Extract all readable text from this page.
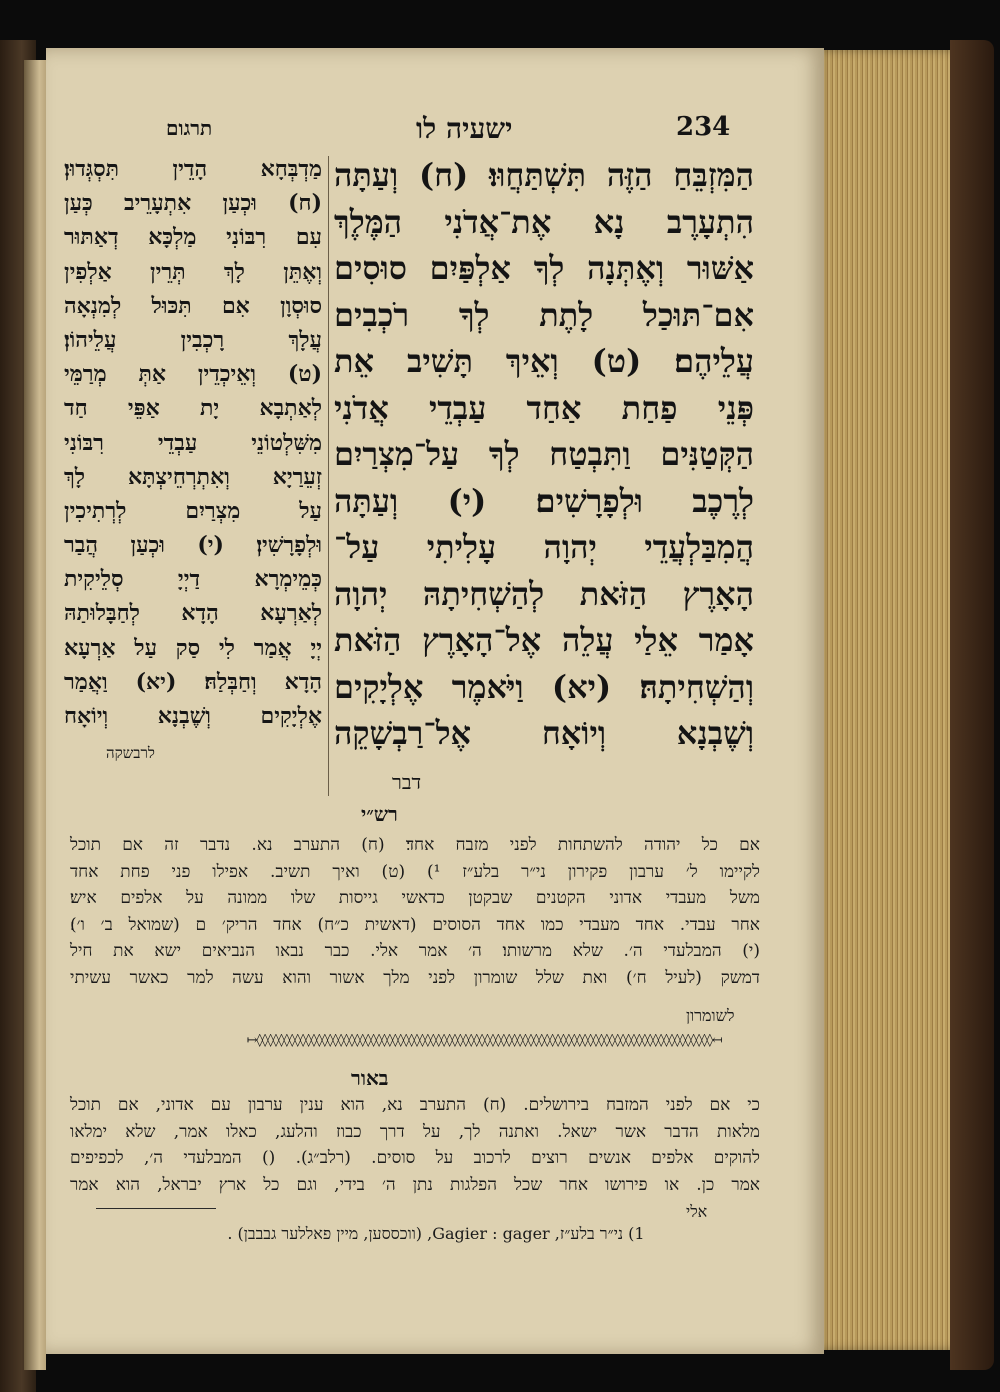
234
ישעיה לו
תרגום
הַמִּזְבֵּחַ הַזֶּה תִּשְׁתַּחֲוּוּ׃ (ח) וְעַתָּה
הִתְעָרֶב נָא אֶת־אֲדֹנִי הַמֶּלֶךְ
אַשּׁוּר וְאֶתְּנָה לְךָ אַלְפַּיִם סוּסִים
אִם־תּוּכַל לָתֶת לְךָ רֹכְבִים
עֲלֵיהֶם׃ (ט) וְאֵיךְ תָּשִׁיב אֵת
פְּנֵי פַחַת אַחַד עַבְדֵי אֲדֹנִי
הַקְּטַנִּים וַתִּבְטַח לְךָ עַל־מִצְרַיִם
לְרֶכֶב וּלְפָרָשִׁים׃ (י) וְעַתָּה
הֲמִבַּלְעֲדֵי יְהוָה עָלִיתִי עַל־
הָאָרֶץ הַזֹּאת לְהַשְׁחִיתָהּ יְהוָה
אָמַר אֵלַי עֲלֵה אֶל־הָאָרֶץ הַזֹּאת
וְהַשְׁחִיתָהּ׃ (יא) וַיֹּאמֶר אֶלְיָקִים
וְשֶׁבְנָא וְיוֹאָח אֶל־רַבְשָׁקֵה
דבר
מַדְבְּחָא הָדֵין תִּסְגְּדוּן׃
(ח) וּכְעַן אִתְעָרֵיב כְּעַן
עִם רִבּוֹנִי מַלְכָּא דְאַתּוּר
וְאֶתֵּן לָךְ תְּרֵין אַלְפִין
סוּסְוָן אִם תִּכּוּל לְמִנְאָה
עֲלָךְ רָכְבִין עֲלֵיהוֹן׃
(ט) וְאֵיכְדֵין אַתְּ מְרַמֵּי
לְאַתְבָא יָת אַפֵּי חַד
מִשִּׁלְטוֹנֵי עַבְדֵי רִבּוֹנִי
זְעֵרַיָא וְאִתְרְחֵיצְתָּא לָךְ
עַל מִצְרַיִם לְרְתִיכִין
וּלְפָרָשִׁין׃ (י) וּכְעַן הֲבַר
כְּמֵימְרָא דַיְיָ סְלֵיקִית
לְאַרְעָא הָדָא לְחַבָּלוּתַהּ
יְיָ אֲמַר לִי סַק עַל אַרְעָא
הָדָא וְחַבְּלַהּ׃ (יא) וַאֲמַר
אֶלְיָקִים וְשֶׁבְנָא וְיוֹאָח
לרבשקה
רש״י
אם כל יהודה להשתחות לפני מזבח אחד׃ (ח) התערב נא. נדבר זה אם תוכל
לקיימו ל׳ ערבון פקירון ני״ר בלע״ז ¹) (ט) ואיך תשיב. אפילו פני פחת אחד
משל מעבדי אדוני הקטנים שבקטן כדאשי גייסות שלו ממונה על אלפים איש׃
אחר עבדי. אחד מעבדי כמו אחד הסוסים (דאשית כ״ח) אחד הריק׳ ם (שמואל ב׳ ו׳)׃
(י) המבלעדי ה׳. שלא מרשותו׃ ה׳ אמר אלי. כבר נבאו הנביאים ישא את חיל
דמשק (לעיל ח׳) ואת שלל שומרון לפני מלך אשור והוא עשה למר כאשר עשיתי
לשומרון
↤◊◊◊◊◊◊◊◊◊◊◊◊◊◊◊◊◊◊◊◊◊◊◊◊◊◊◊◊◊◊◊◊◊◊◊◊◊◊◊◊◊◊◊◊◊◊◊◊◊◊◊◊◊◊◊◊◊◊◊◊◊◊◊◊◊◊◊◊◊◊◊◊◊◊◊◊◊◊◊◊◊◊◊◊↦
באור
כי אם לפני המזבח בירושלים. (ח) התערב נא, הוא ענין ערבון עם אדוני, אם תוכל
מלאות הדבר אשר ישאל. ואתנה לך, על דרך כבוז והלעג, כאלו אמר, שלא ימלאו
להוקים אלפים אנשים רוצים לרכוב על סוסים. (רלב״ג). () המבלעדי ה׳, לכפיפים
אמר כן. או פירושו אחר שכל הפלגות נתן ה׳ בידי, וגם כל ארץ יבראל, הוא אמר
אלי
1) ני״ר בלע״ז, Gagier : gager, (ווכססען, מיין פאללער גבבבן) .
